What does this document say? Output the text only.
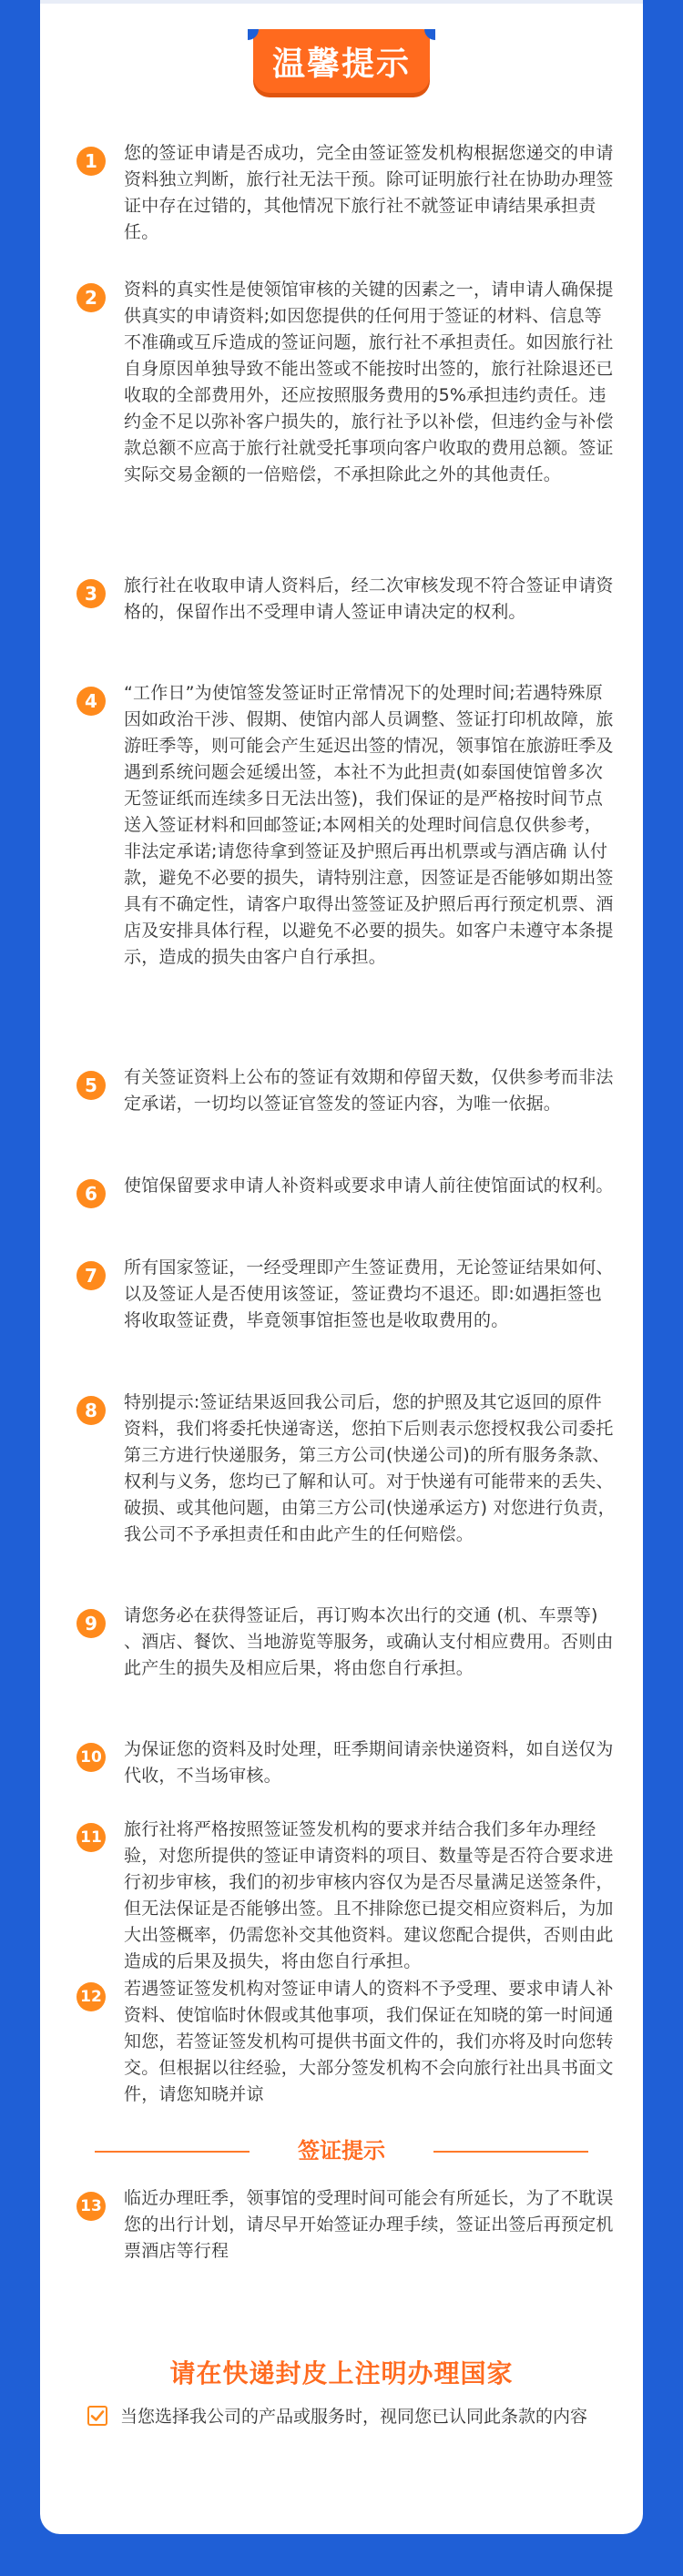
温馨提示
1	您的签证申请是否成功，完全由签证签发机构根据您递交的申请资料独立判断，旅行社无法干预。除可证明旅行社在协助办理签证中存在过错的，其他情况下旅行社不就签证申请结果承担责任。
2	资料的真实性是使领馆审核的关键的因素之一，请申请人确保提供真实的申请资料;如因您提供的任何用于签证的材料、信息等不准确或互斥造成的签证问题，旅行社不承担责任。如因旅行社自身原因单独导致不能出签或不能按时出签的，旅行社除退还已收取的全部费用外，还应按照服务费用的5%承担违约责任。违约金不足以弥补客户损失的，旅行社予以补偿，但违约金与补偿款总额不应高于旅行社就受托事项向客户收取的费用总额。签证实际交易金额的一倍赔偿，不承担除此之外的其他责任。
3	旅行社在收取申请人资料后，经二次审核发现不符合签证申请资格的，保留作出不受理申请人签证申请决定的权利。
4	“工作日”为使馆签发签证时正常情况下的处理时间;若遇特殊原因如政治干涉、假期、使馆内部人员调整、签证打印机故障，旅游旺季等，则可能会产生延迟出签的情况，领事馆在旅游旺季及遇到系统问题会延缓出签，本社不为此担责(如泰国使馆曾多次无签证纸而连续多日无法出签)，我们保证的是严格按时间节点送入签证材料和回邮签证;本网相关的处理时间信息仅供参考，非法定承诺;请您待拿到签证及护照后再出机票或与酒店确 认付款，避免不必要的损失，请特别注意，因签证是否能够如期出签具有不确定性，请客户取得出签签证及护照后再行预定机票、酒店及安排具体行程，以避免不必要的损失。如客户未遵守本条提示，造成的损失由客户自行承担。
5	有关签证资料上公布的签证有效期和停留天数，仅供参考而非法定承诺，一切均以签证官签发的签证内容，为唯一依据。
6	使馆保留要求申请人补资料或要求申请人前往使馆面试的权利。
7	所有国家签证，一经受理即产生签证费用，无论签证结果如何、以及签证人是否使用该签证，签证费均不退还。即:如遇拒签也将收取签证费，毕竟领事馆拒签也是收取费用的。
8	特别提示:签证结果返回我公司后，您的护照及其它返回的原件资料，我们将委托快递寄送，您拍下后则表示您授权我公司委托第三方进行快递服务，第三方公司(快递公司)的所有服务条款、权利与义务，您均已了解和认可。对于快递有可能带来的丢失、破损、或其他问题，由第三方公司(快递承运方) 对您进行负责，我公司不予承担责任和由此产生的任何赔偿。
9	请您务必在获得签证后，再订购本次出行的交通 (机、车票等) 、酒店、餐饮、当地游览等服务，或确认支付相应费用。否则由此产生的损失及相应后果，将由您自行承担。
10 为保证您的资料及时处理，旺季期间请亲快递资料，如自送仅为代收，不当场审核。
11 旅行社将严格按照签证签发机构的要求并结合我们多年办理经验，对您所提供的签证申请资料的项目、数量等是否符合要求进行初步审核，我们的初步审核内容仅为是否尽量满足送签条件，但无法保证是否能够出签。且不排除您已提交相应资料后，为加大出签概率，仍需您补交其他资料。建议您配合提供，否则由此造成的后果及损失，将由您自行承担。
12 若遇签证签发机构对签证申请人的资料不予受理、要求申请人补资料、使馆临时休假或其他事项，我们保证在知晓的第一时间通知您，若签证签发机构可提供书面文件的，我们亦将及时向您转交。但根据以往经验，大部分签发机构不会向旅行社出具书面文件，请您知晓并谅
签证提示
13 临近办理旺季，领事馆的受理时间可能会有所延长，为了不耽误您的出行计划，请尽早开始签证办理手续，签证出签后再预定机票酒店等行程
请在快递封皮上注明办理国家
当您选择我公司的产品或服务时，视同您已认同此条款的内容
